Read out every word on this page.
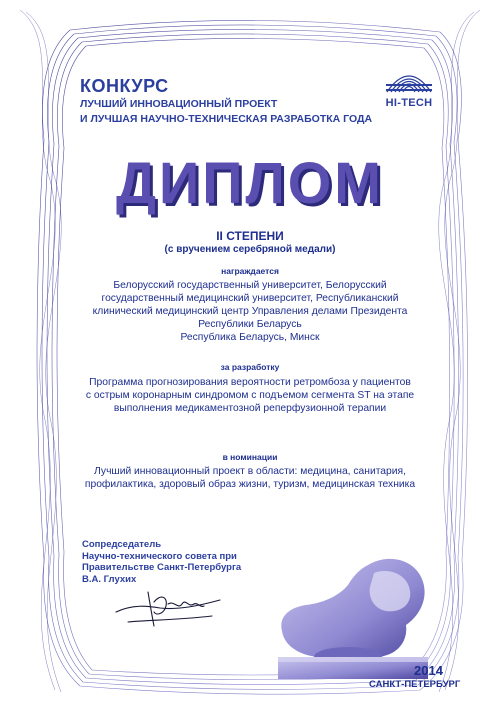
КОНКУРС
ЛУЧШИЙ ИННОВАЦИОННЫЙ ПРОЕКТ
И ЛУЧШАЯ НАУЧНО-ТЕХНИЧЕСКАЯ РАЗРАБОТКА ГОДА
HI-TECH
ДИПЛОМ
II СТЕПЕНИ
(с вручением серебряной медали)
награждается
Белорусский государственный университет, Белорусский
государственный медицинский университет, Республиканский
клинический медицинский центр Управления делами Президента
Республики Беларусь
Республика Беларусь, Минск
за разработку
Программа прогнозирования вероятности ретромбоза у пациентов
с острым коронарным синдромом с подъемом сегмента ST на этапе
выполнения медикаментозной реперфузионной терапии
в номинации
Лучший инновационный проект в области: медицина, санитария,
профилактика, здоровый образ жизни, туризм, медицинская техника
Сопредседатель
Научно-технического совета при
Правительстве Санкт-Петербурга
В.А. Глухих
2014
САНКТ-ПЕТЕРБУРГ
